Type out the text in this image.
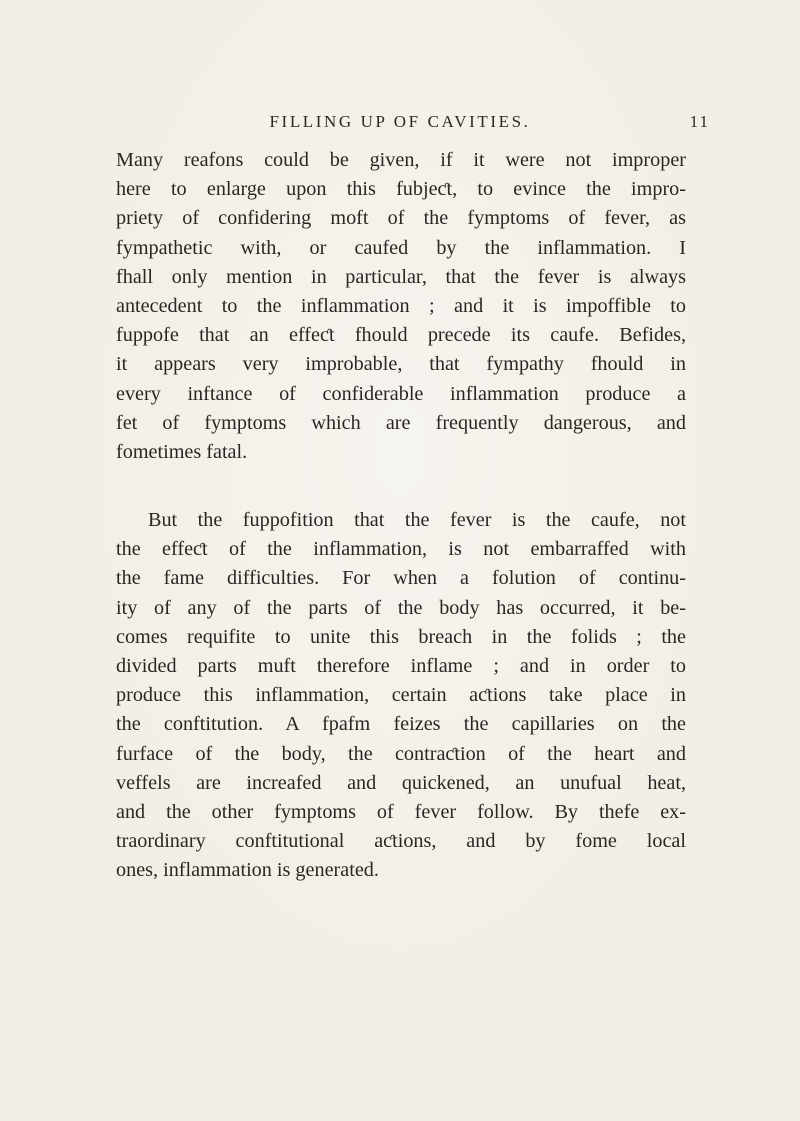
FILLING UP OF CAVITIES.	11
Many reafons could be given, if it were not improper
here to enlarge upon this fubjeƈt, to evince the impro-
priety of confidering moft of the fymptoms of fever, as
fympathetic with, or caufed by the inflammation. I
fhall only mention in particular, that the fever is always
antecedent to the inflammation ; and it is impoffible to
fuppofe that an effeƈt fhould precede its caufe. Befides,
it appears very improbable, that fympathy fhould in
every inftance of confiderable inflammation produce a
fet of fymptoms which are frequently dangerous, and
fometimes fatal.
But the fuppofition that the fever is the caufe, not
the effeƈt of the inflammation, is not embarraffed with
the fame difficulties. For when a folution of continu-
ity of any of the parts of the body has occurred, it be-
comes requifite to unite this breach in the folids ; the
divided parts muft therefore inflame ; and in order to
produce this inflammation, certain aƈtions take place in
the conftitution. A fpafm feizes the capillaries on the
furface of the body, the contraƈtion of the heart and
veffels are increafed and quickened, an unufual heat,
and the other fymptoms of fever follow. By thefe ex-
traordinary conftitutional aƈtions, and by fome local
ones, inflammation is generated.
